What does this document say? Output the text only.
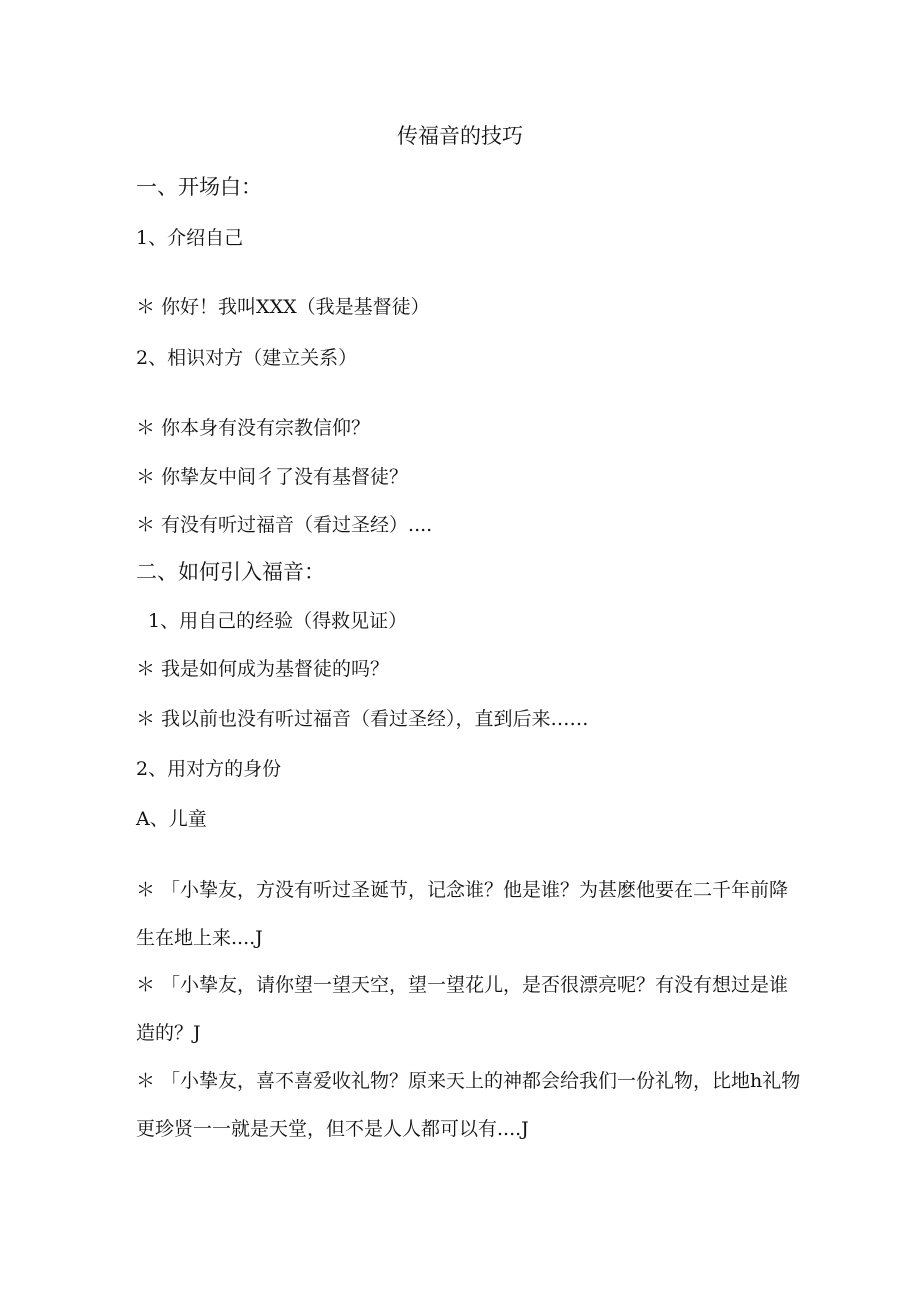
传福音的技巧
一、开场白：
1、介绍自己
＊ 你好！我叫XXX（我是基督徒）
2、相识对方（建立关系）
＊ 你本身有没有宗教信仰？
＊ 你挚友中间彳了没有基督徒？
＊ 有没有听过福音（看过圣经）....
二、如何引入福音：
1、用自己的经验（得救见证）
＊ 我是如何成为基督徒的吗？
＊ 我以前也没有听过福音（看过圣经），直到后来……
2、用对方的身份
A、儿童
＊ 「小挚友，方没有听过圣诞节，记念谁？他是谁？为甚麽他要在二千年前降
生在地上来....J
＊ 「小挚友，请你望一望天空，望一望花儿，是否很漂亮呢？有没有想过是谁
造的？J
＊ 「小挚友，喜不喜爱收礼物？原来天上的神都会给我们一份礼物，比地h礼物
更珍贤一一就是天堂，但不是人人都可以有....J
